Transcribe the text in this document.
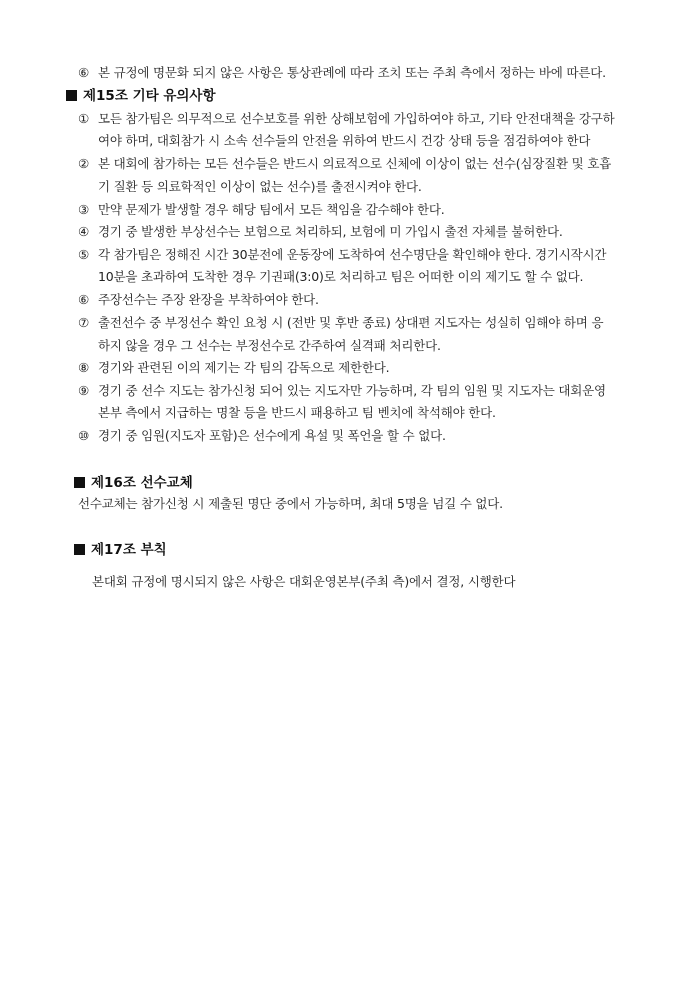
⑥ 본 규정에 명문화 되지 않은 사항은 통상관례에 따라 조치 또는 주최 측에서 정하는 바에 따른다.
제15조 기타 유의사항
① 모든 참가팀은 의무적으로 선수보호를 위한 상해보험에 가입하여야 하고, 기타 안전대책을 강구하
여야 하며, 대회참가 시 소속 선수들의 안전을 위하여 반드시 건강 상태 등을 점검하여야 한다
② 본 대회에 참가하는 모든 선수들은 반드시 의료적으로 신체에 이상이 없는 선수(심장질환 및 호흡
기 질환 등 의료학적인 이상이 없는 선수)를 출전시켜야 한다.
③ 만약 문제가 발생할 경우 해당 팀에서 모든 책임을 감수해야 한다.
④ 경기 중 발생한 부상선수는 보험으로 처리하되, 보험에 미 가입시 출전 자체를 불허한다.
⑤ 각 참가팀은 정해진 시간 30분전에 운동장에 도착하여 선수명단을 확인해야 한다. 경기시작시간
10분을 초과하여 도착한 경우 기권패(3:0)로 처리하고 팀은 어떠한 이의 제기도 할 수 없다.
⑥ 주장선수는 주장 완장을 부착하여야 한다.
⑦ 출전선수 중 부정선수 확인 요청 시 (전반 및 후반 종료) 상대편 지도자는 성실히 임해야 하며 응
하지 않을 경우 그 선수는 부정선수로 간주하여 실격패 처리한다.
⑧ 경기와 관련된 이의 제기는 각 팀의 감독으로 제한한다.
⑨ 경기 중 선수 지도는 참가신청 되어 있는 지도자만 가능하며, 각 팀의 임원 및 지도자는 대회운영
본부 측에서 지급하는 명찰 등을 반드시 패용하고 팀 벤치에 착석해야 한다.
⑩ 경기 중 임원(지도자 포함)은 선수에게 욕설 및 폭언을 할 수 없다.
제16조 선수교체
선수교체는 참가신청 시 제출된 명단 중에서 가능하며, 최대 5명을 넘길 수 없다.
제17조 부칙
본대회 규정에 명시되지 않은 사항은 대회운영본부(주최 측)에서 결정, 시행한다
